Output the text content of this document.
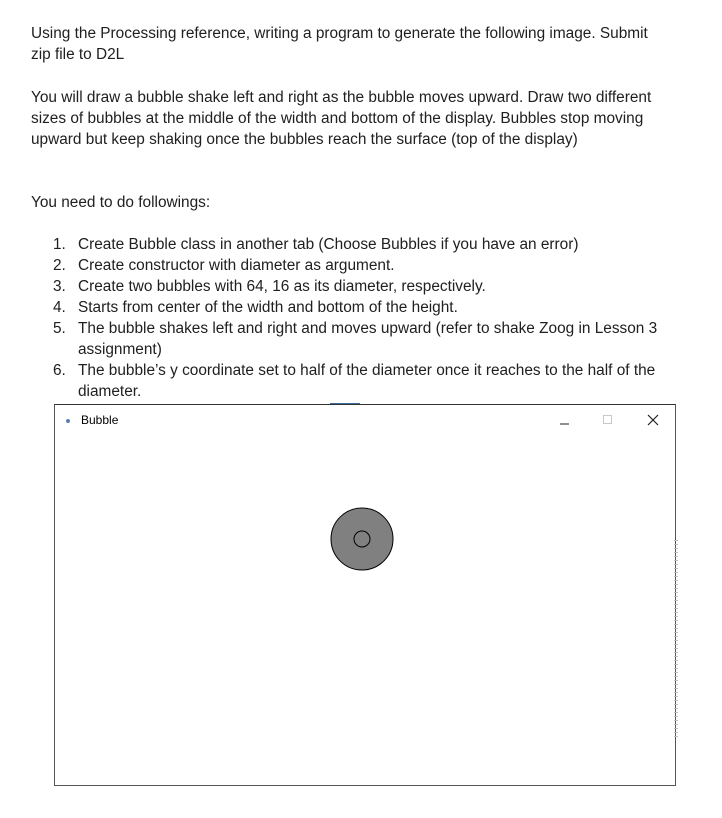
Using the Processing reference, writing a program to generate the following image. Submit zip file to D2L

You will draw a bubble shake left and right as the bubble moves upward. Draw two different sizes of bubbles at the middle of the width and bottom of the display. Bubbles stop moving upward but keep shaking once the bubbles reach the surface (top of the display)

You need to do followings:

1. Create Bubble class in another tab (Choose Bubbles if you have an error)
2. Create constructor with diameter as argument.
3. Create two bubbles with 64, 16 as its diameter, respectively.
4. Starts from center of the width and bottom of the height.
5. The bubble shakes left and right and moves upward (refer to shake Zoog in Lesson 3 assignment)
6. The bubble’s y coordinate set to half of the diameter once it reaches to the half of the diameter.
Bubble
